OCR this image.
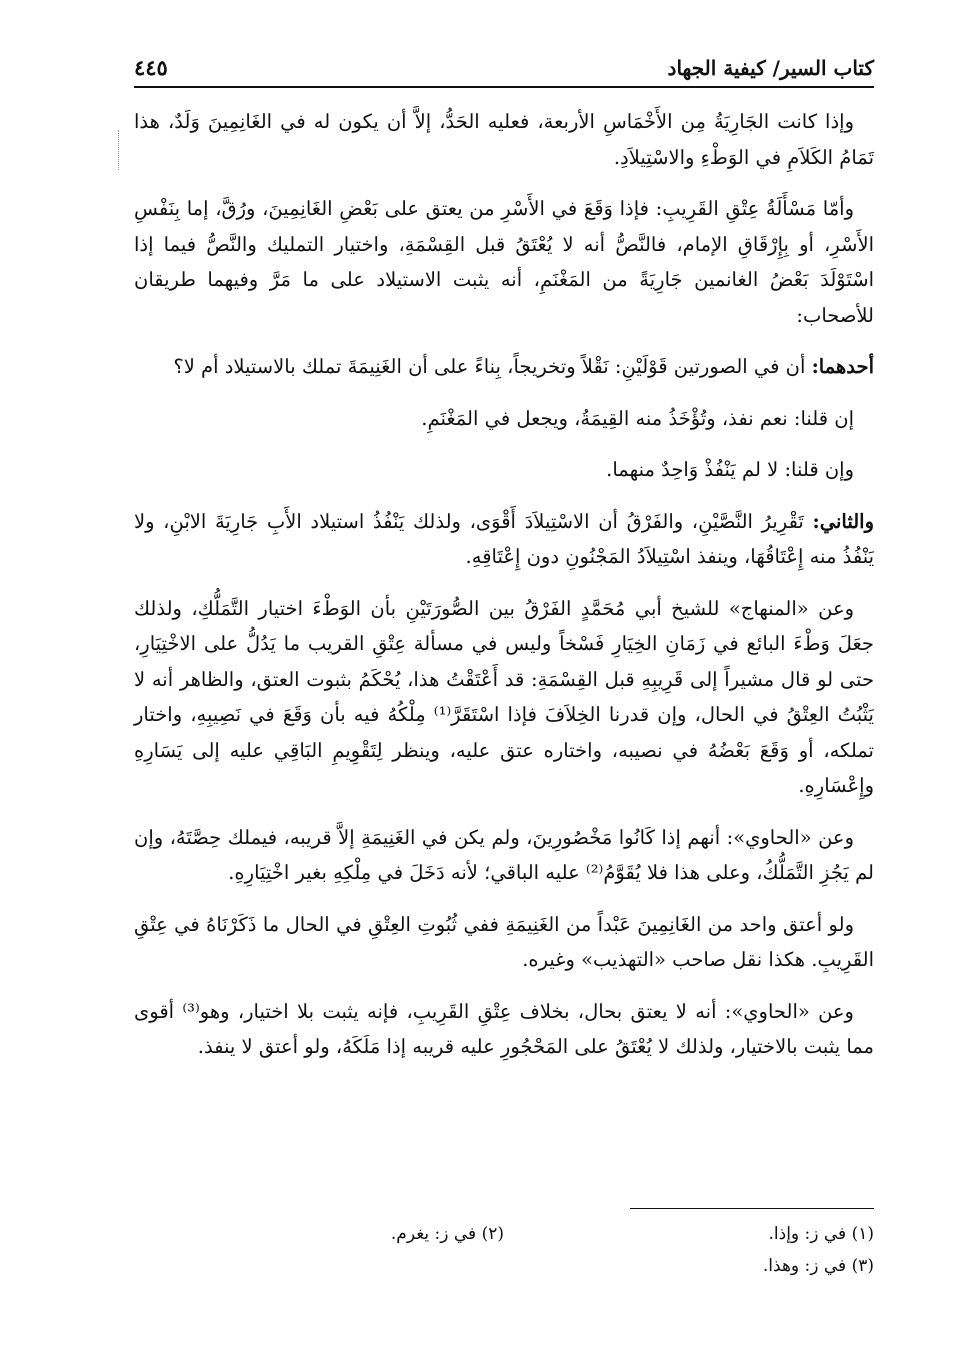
كتاب السير/ كيفية الجهاد
٤٤٥

وإذا كانت الجَارِيَةُ مِن الأَخْمَاسِ الأربعة، فعليه الحَدُّ، إلاَّ أن يكون له في الغَانِمِينَ وَلَدٌ، هذا تَمَامُ الكَلاَمِ في الوَطْءِ والاسْتِيلاَدِ.

وأمّا مَسْأَلَةُ عِتْقِ القَرِيبِ: فإذا وَقَعَ في الأَسْرِ من يعتق على بَعْضِ الغَانِمِينَ، ورُقَّ، إما بِنَفْسِ الأَسْرِ، أو بِإِرْقَاقِ الإمام، فالنَّصُّ أنه لا يُعْتَقُ قبل القِسْمَةِ، واختيار التمليك والنَّصُّ فيما إذا اسْتَوْلَدَ بَعْضُ الغانمين جَارِيَةً من المَغْنَمِ، أنه يثبت الاستيلاد على ما مَرَّ وفيهما طريقان للأصحاب:

أحدهما: أن في الصورتين قَوْلَيْنِ: نَقْلاً وتخريجاً، بِناءً على أن الغَنِيمَةَ تملك بالاستيلاد أم لا؟

إن قلنا: نعم نفذ، وتُؤْخَذُ منه القِيمَةُ، ويجعل في المَغْنَمِ.

وإن قلنا: لا لم يَنْفُذْ وَاحِدٌ منهما.

والثاني: تَقْرِيرُ النَّصَّيْنِ، والفَرْقُ أن الاسْتِيلاَدَ أَقْوَى، ولذلك يَنْفُذُ استيلاد الأَبِ جَارِيَةَ الابْنِ، ولا يَنْفُذُ منه إِعْتَاقُهَا، وينفذ اسْتِيلاَدُ المَجْنُونِ دون إِعْتَاقِهِ.

وعن «المنهاج» للشيخ أبي مُحَمَّدٍ الفَرْقُ بين الصُّورَتَيْنِ بأن الوَطْءَ اختيار التَّمَلُّكِ، ولذلك جعَلَ وَطْءَ البائع في زَمَانِ الخِيَارِ فَسْخاً وليس في مسألة عِتْقِ القريب ما يَدُلُّ على الاخْتِيَارِ، حتى لو قال مشيراً إلى قَرِيبِهِ قبل القِسْمَةِ: قد أَعْتَقْتُ هذا، يُحْكَمُ بثبوت العتق، والظاهر أنه لا يَثْبُتُ العِتْقُ في الحال، وإن قدرنا الخِلاَفَ فإذا اسْتَقَرَّ⁽¹⁾ مِلْكُهُ فيه بأن وَقَعَ في نَصِيبِهِ، واختار تملكه، أو وَقَعَ بَعْضُهُ في نصيبه، واختاره عتق عليه، وينظر لِتَقْوِيمِ البَاقِي عليه إلى يَسَارِهِ وإِعْسَارِهِ.

وعن «الحاوي»: أنهم إذا كَانُوا مَخْصُورِينَ، ولم يكن في الغَنِيمَةِ إلاَّ قريبه، فيملك حِصَّتَهُ، وإن لم يَجُزِ التَّمَلُّكُ، وعلى هذا فلا يُقَوَّمُ⁽²⁾ عليه الباقي؛ لأنه دَخَلَ في مِلْكِهِ بغير اخْتِيَارِهِ.

ولو أعتق واحد من الغَانِمِينَ عَبْداً من الغَنِيمَةِ ففي ثُبُوتِ العِتْقِ في الحال ما ذَكَرْنَاهُ في عِتْقِ القَرِيبِ. هكذا نقل صاحب «التهذيب» وغيره.

وعن «الحاوي»: أنه لا يعتق بحال، بخلاف عِتْقِ القَرِيبِ، فإنه يثبت بلا اختيار، وهو⁽³⁾ أقوى مما يثبت بالاختيار، ولذلك لا يُعْتَقُ على المَحْجُورِ عليه قريبه إذا مَلَكَهُ، ولو أعتق لا ينفذ.

(١) في ز: وإذا.
(٢) في ز: يغرم.
(٣) في ز: وهذا.
